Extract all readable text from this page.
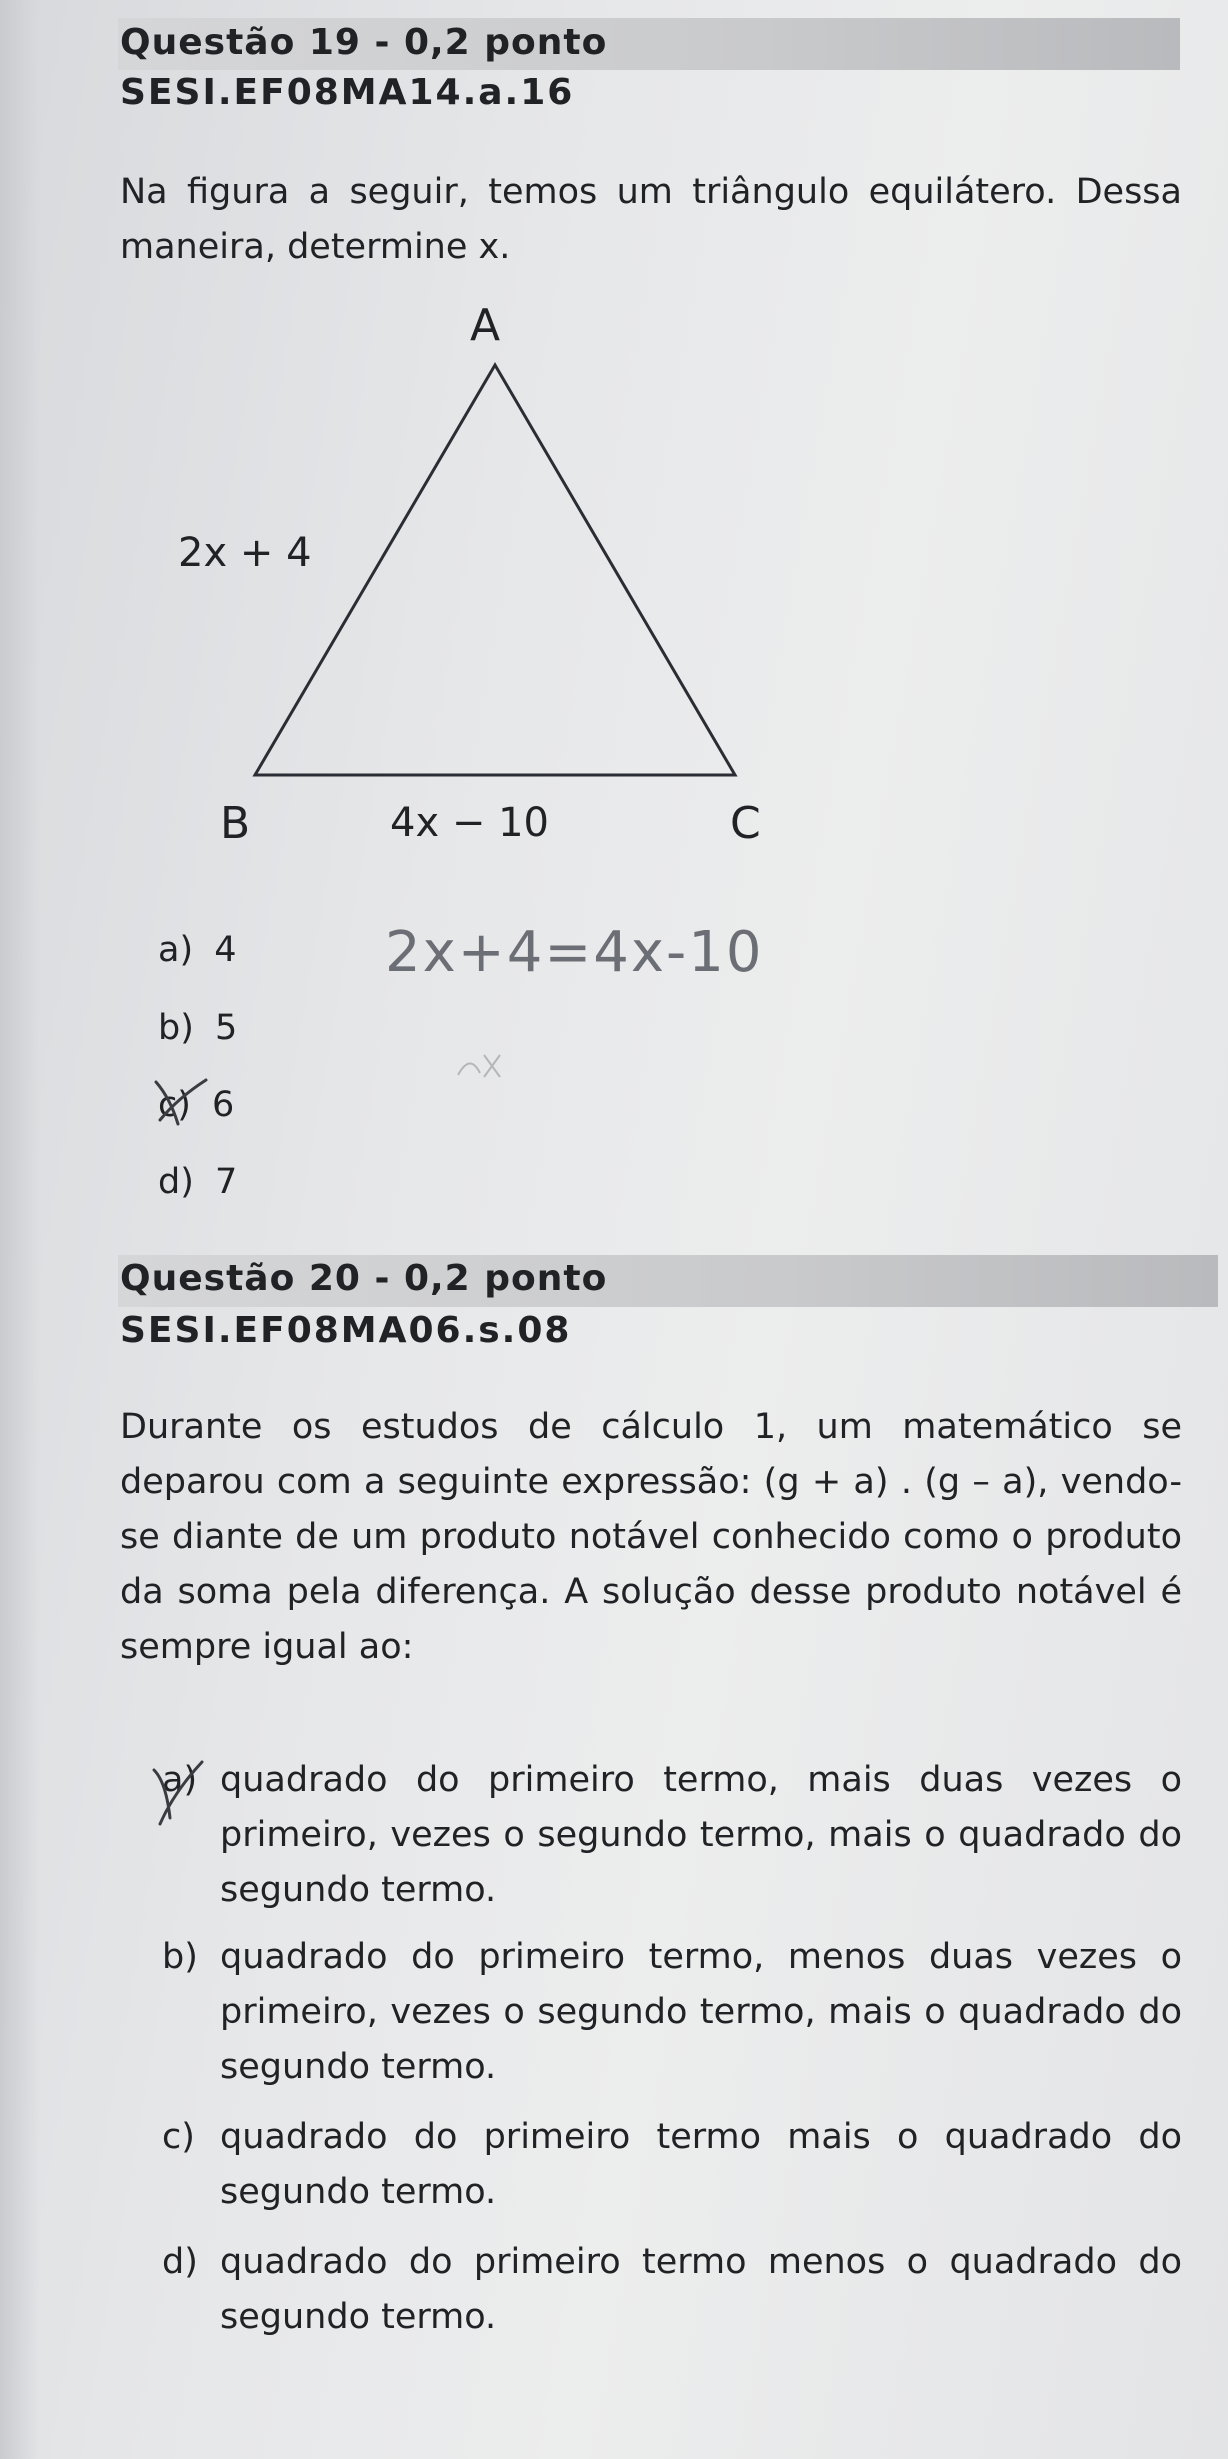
Questão 19 - 0,2 ponto
SESI.EF08MA14.a.16
Na figura a seguir, temos um triângulo equilátero. Dessa maneira, determine x.
A
B	C
2x + 4
4x − 10
a) 4
b) 5
c) 6
d) 7
2x+4=4x-10
Questão 20 - 0,2 ponto
SESI.EF08MA06.s.08
Durante os estudos de cálculo 1, um matemático se deparou com a seguinte expressão: (g + a) . (g – a), vendo-se diante de um produto notável conhecido como o produto da soma pela diferença. A solução desse produto notável é sempre igual ao:
a) quadrado do primeiro termo, mais duas vezes o primeiro, vezes o segundo termo, mais o quadrado do segundo termo.
b) quadrado do primeiro termo, menos duas vezes o primeiro, vezes o segundo termo, mais o quadrado do segundo termo.
c) quadrado do primeiro termo mais o quadrado do segundo termo.
d) quadrado do primeiro termo menos o quadrado do segundo termo.
